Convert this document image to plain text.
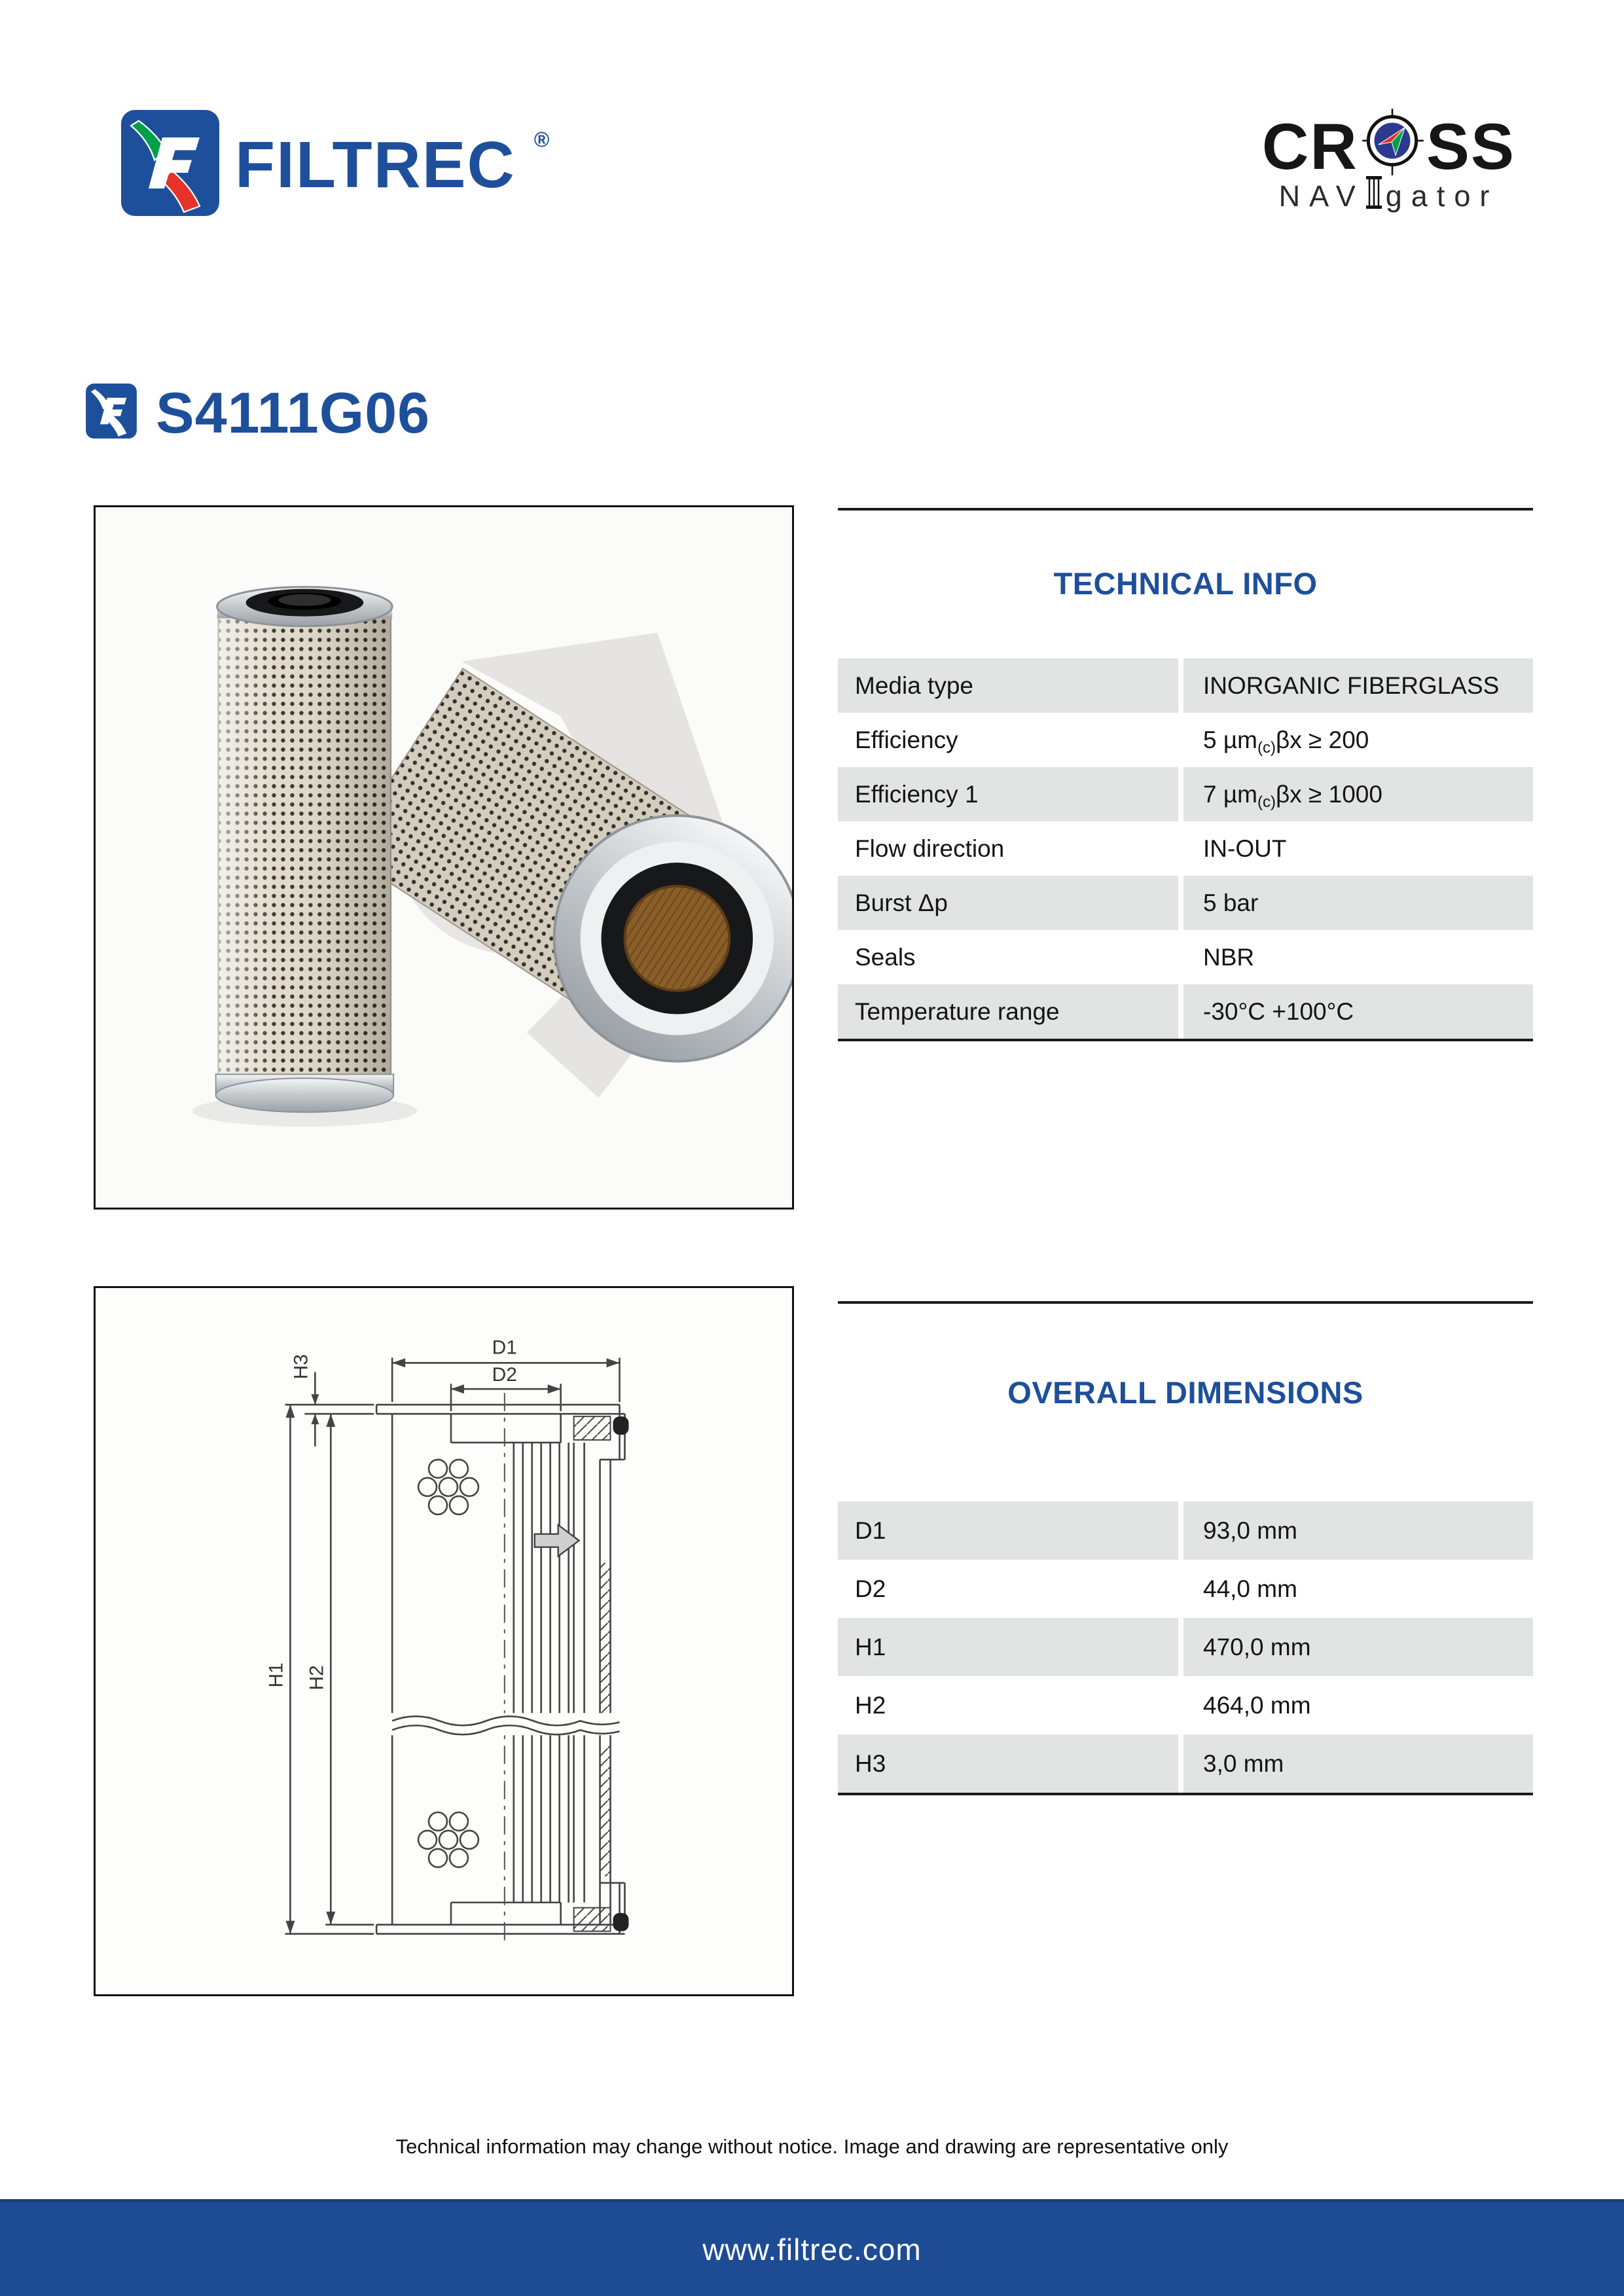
FILTREC ®	CR SS
NAV gator
S4111G06
TECHNICAL INFO
Media type	INORGANIC FIBERGLASS
Efficiency	5 µm (c) βx ≥ 200
Efficiency 1	7 µm (c) βx ≥ 1000
Flow direction	IN-OUT
Burst Δp	5 bar
Seals	NBR
Temperature range	-30°C +100°C
D1
D2
H1 H2
H3
OVERALL DIMENSIONS
D1	93,0 mm
D2	44,0 mm
H1	470,0 mm
H2	464,0 mm
H3	3,0 mm
Technical information may change without notice. Image and drawing are representative only
www.filtrec.com
